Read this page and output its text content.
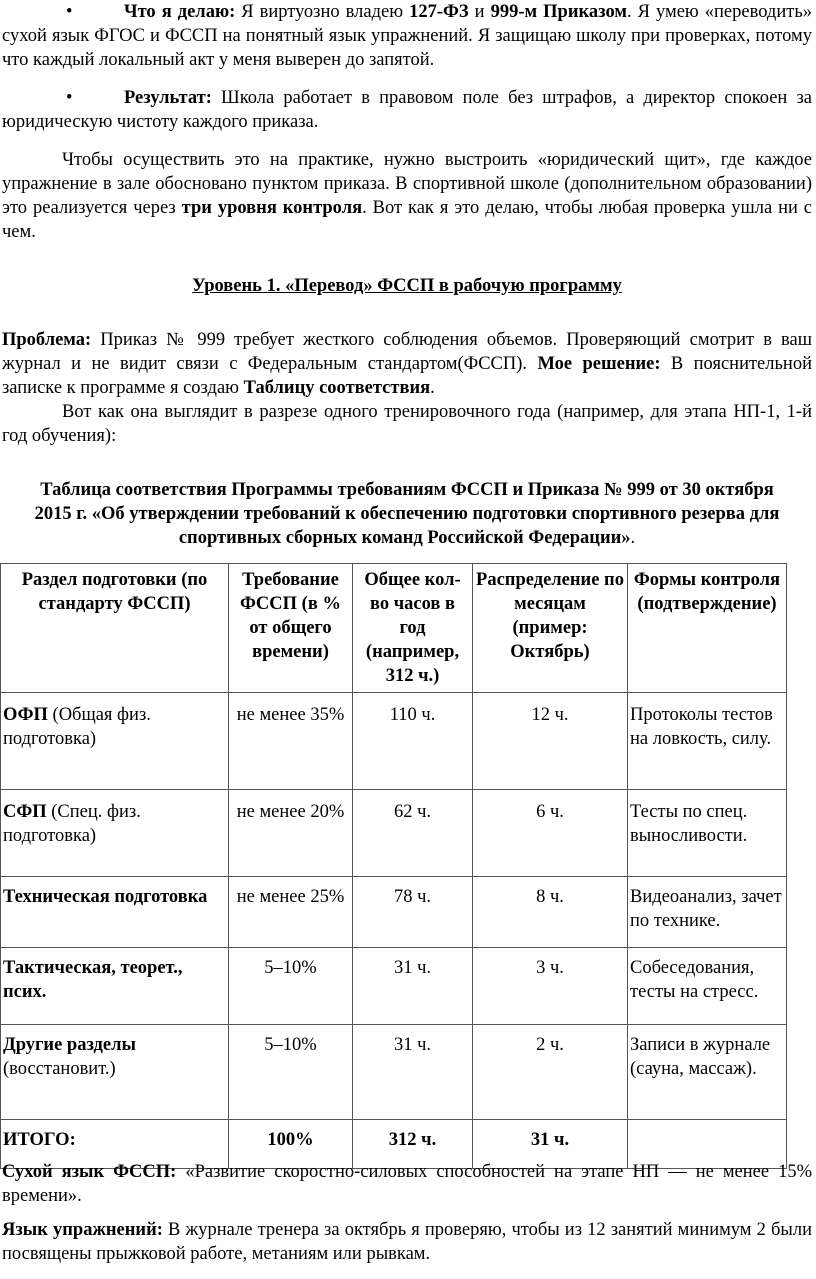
•	Что я делаю: Я виртуозно владею 127-ФЗ и 999-м Приказом. Я умею «переводить» сухой язык ФГОС и ФССП на понятный язык упражнений. Я защищаю школу при проверках, потому что каждый локальный акт у меня выверен до запятой.

•	Результат: Школа работает в правовом поле без штрафов, а директор спокоен за юридическую чистоту каждого приказа.

Чтобы осуществить это на практике, нужно выстроить «юридический щит», где каждое упражнение в зале обосновано пунктом приказа. В спортивной школе (дополнительном образовании) это реализуется через три уровня контроля. Вот как я это делаю, чтобы любая проверка ушла ни с чем.

Уровень 1. «Перевод» ФССП в рабочую программу

Проблема: Приказ № 999 требует жесткого соблюдения объемов. Проверяющий смотрит в ваш журнал и не видит связи с Федеральным стандартом(ФССП). Мое решение: В пояснительной записке к программе я создаю Таблицу соответствия.

Вот как она выглядит в разрезе одного тренировочного года (например, для этапа НП-1, 1-й год обучения):

Таблица соответствия Программы требованиям ФССП и Приказа № 999 от 30 октября 2015 г. «Об утверждении требований к обеспечению подготовки спортивного резерва для спортивных сборных команд Российской Федерации».

Раздел подготовки (по стандарту ФССП)	Требование ФССП (в % от общего времени)	Общее кол-во часов в год (например, 312 ч.)	Распределение по месяцам (пример: Октябрь)	Формы контроля (подтверждение)
ОФП (Общая физ. подготовка)	не менее 35%	110 ч.	12 ч.	Протоколы тестов на ловкость, силу.
СФП (Спец. физ. подготовка)	не менее 20%	62 ч.	6 ч.	Тесты по спец. выносливости.
Техническая подготовка	не менее 25%	78 ч.	8 ч.	Видеоанализ, зачет по технике.
Тактическая, теорет., псих.	5–10%	31 ч.	3 ч.	Собеседования, тесты на стресс.
Другие разделы (восстановит.)	5–10%	31 ч.	2 ч.	Записи в журнале (сауна, массаж).
ИТОГО:	100%	312 ч.	31 ч.	

Сухой язык ФССП: «Развитие скоростно-силовых способностей на этапе НП — не менее 15% времени».

Язык упражнений: В журнале тренера за октябрь я проверяю, чтобы из 12 занятий минимум 2 были посвящены прыжковой работе, метаниям или рывкам.
